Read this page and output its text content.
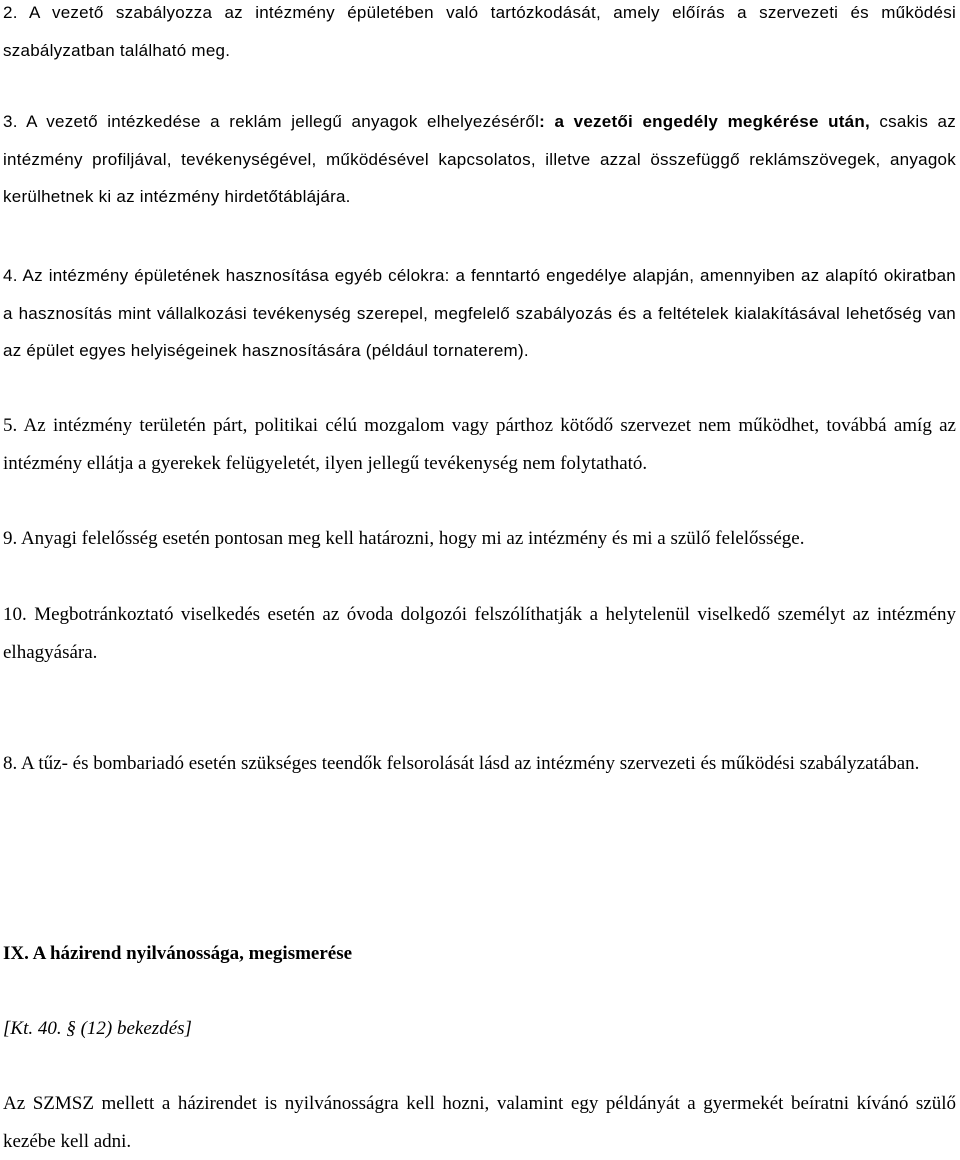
2. A vezető szabályozza az intézmény épületében való tartózkodását, amely előírás a szervezeti és működési szabályzatban található meg.

3. A vezető intézkedése a reklám jellegű anyagok elhelyezéséről: a vezetői engedély megkérése után, csakis az intézmény profiljával, tevékenységével, működésével kapcsolatos, illetve azzal összefüggő reklámszövegek, anyagok kerülhetnek ki az intézmény hirdetőtáblájára.

4. Az intézmény épületének hasznosítása egyéb célokra: a fenntartó engedélye alapján, amennyiben az alapító okiratban a hasznosítás mint vállalkozási tevékenység szerepel, megfelelő szabályozás és a feltételek kialakításával lehetőség van az épület egyes helyiségeinek hasznosítására (például tornaterem).

5. Az intézmény területén párt, politikai célú mozgalom vagy párthoz kötődő szervezet nem működhet, továbbá amíg az intézmény ellátja a gyerekek felügyeletét, ilyen jellegű tevékenység nem folytatható.

9. Anyagi felelősség esetén pontosan meg kell határozni, hogy mi az intézmény és mi a szülő felelőssége.

10. Megbotránkoztató viselkedés esetén az óvoda dolgozói felszólíthatják a helytelenül viselkedő személyt az intézmény elhagyására.

8. A tűz- és bombariadó esetén szükséges teendők felsorolását lásd az intézmény szervezeti és működési szabályzatában.

IX. A házirend nyilvánossága, megismerése

[Kt. 40. § (12) bekezdés]

Az SZMSZ mellett a házirendet is nyilvánosságra kell hozni, valamint egy példányát a gyermekét beíratni kívánó szülő kezébe kell adni.
